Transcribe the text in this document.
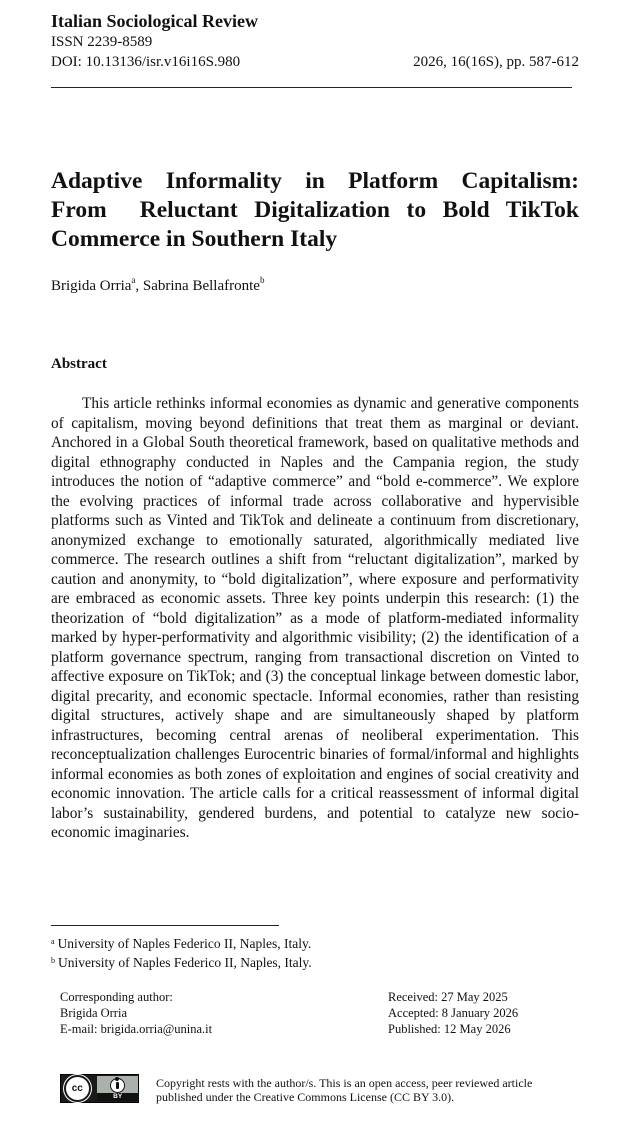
Italian Sociological Review
ISSN 2239-8589
DOI: 10.13136/isr.v16i16S.980	2026, 16(16S), pp. 587-612
Adaptive Informality in Platform Capitalism:
From  Reluctant Digitalization to Bold TikTok
Commerce in Southern Italy
Brigida Orria$^a$, Sabrina Bellafronte$^b$
Abstract

This article rethinks informal economies as dynamic and generative components of capitalism, moving beyond definitions that treat them as marginal or deviant. Anchored in a Global South theoretical framework, based on qualitative methods and digital ethnography conducted in Naples and the Campania region, the study introduces the notion of “adaptive commerce” and “bold e-commerce”. We explore the evolving practices of informal trade across collaborative and hypervisible platforms such as Vinted and TikTok and delineate a continuum from discretionary, anonymized exchange to emotionally saturated, algorithmically mediated live commerce. The research outlines a shift from “reluctant digitalization”, marked by caution and anonymity, to “bold digitalization”, where exposure and performativity are embraced as economic assets. Three key points underpin this research: (1) the theorization of “bold digitalization” as a mode of platform-mediated informality marked by hyper-performativity and algorithmic visibility; (2) the identification of a platform governance spectrum, ranging from transactional discretion on Vinted to affective exposure on TikTok; and (3) the conceptual linkage between domestic labor, digital precarity, and economic spectacle. Informal economies, rather than resisting digital structures, actively shape and are simultaneously shaped by platform infrastructures, becoming central arenas of neoliberal experimentation. This reconceptualization challenges Eurocentric binaries of formal/informal and highlights informal economies as both zones of exploitation and engines of social creativity and economic innovation. The article calls for a critical reassessment of informal digital labor’s sustainability, gendered burdens, and potential to catalyze new socio-economic imaginaries.

$^a$ University of Naples Federico II, Naples, Italy.
$^b$ University of Naples Federico II, Naples, Italy.
Corresponding author:
Brigida Orria
E-mail: brigida.orria@unina.it
Received: 27 May 2025
Accepted: 8 January 2026
Published: 12 May 2026
cc
BY
Copyright rests with the author/s. This is an open access, peer reviewed article
published under the Creative Commons License (CC BY 3.0).
